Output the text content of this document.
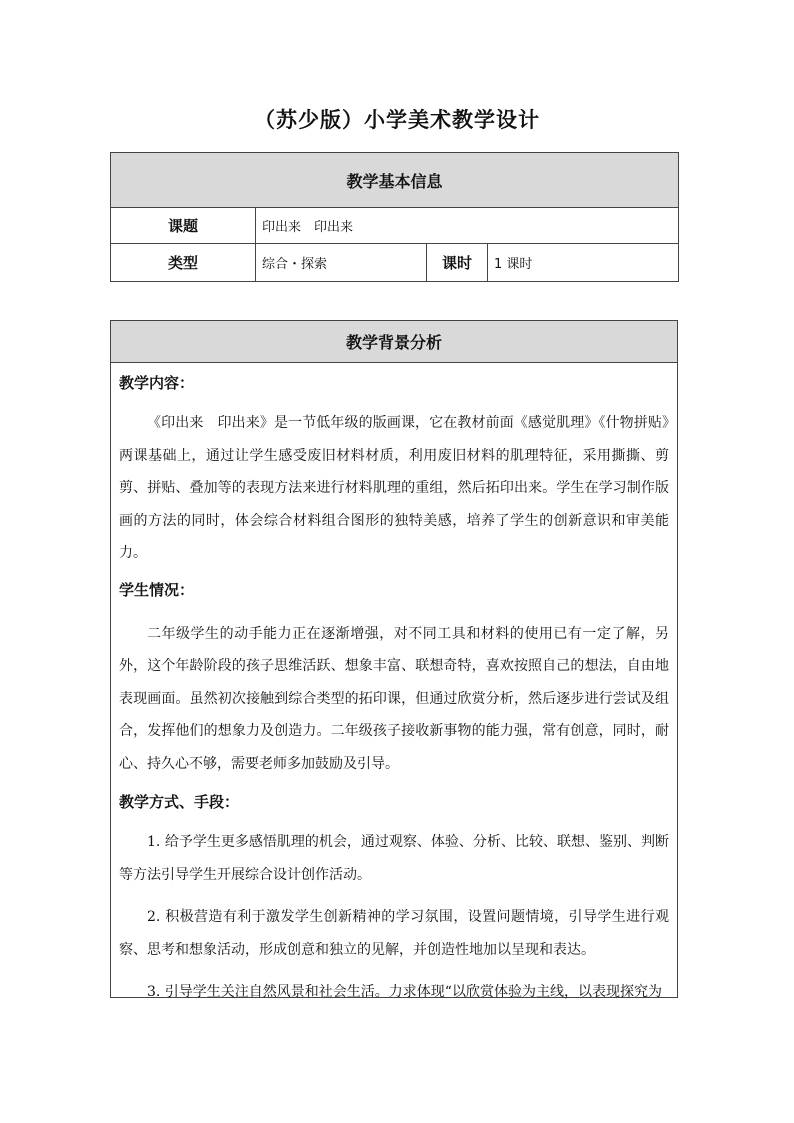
（苏少版）小学美术教学设计
教学基本信息			
课题	印出来　印出来		
类型	综合・探索	课时	1 课时
教学背景分析

教学内容：

《印出来　印出来》是一节低年级的版画课，它在教材前面《感觉肌理》《什物拼贴》两课基础上，通过让学生感受废旧材料材质，利用废旧材料的肌理特征，采用撕撕、剪剪、拼贴、叠加等的表现方法来进行材料肌理的重组，然后拓印出来。学生在学习制作版画的方法的同时，体会综合材料组合图形的独特美感，培养了学生的创新意识和审美能力。

学生情况：

二年级学生的动手能力正在逐渐增强，对不同工具和材料的使用已有一定了解，另外，这个年龄阶段的孩子思维活跃、想象丰富、联想奇特，喜欢按照自己的想法，自由地表现画面。虽然初次接触到综合类型的拓印课，但通过欣赏分析，然后逐步进行尝试及组合，发挥他们的想象力及创造力。二年级孩子接收新事物的能力强，常有创意，同时，耐心、持久心不够，需要老师多加鼓励及引导。

教学方式、手段：

1. 给予学生更多感悟肌理的机会，通过观察、体验、分析、比较、联想、鉴别、判断等方法引导学生开展综合设计创作活动。

2. 积极营造有利于激发学生创新精神的学习氛围，设置问题情境，引导学生进行观察、思考和想象活动，形成创意和独立的见解，并创造性地加以呈现和表达。

3. 引导学生关注自然风景和社会生活。力求体现“以欣赏体验为主线，以表现探究为
